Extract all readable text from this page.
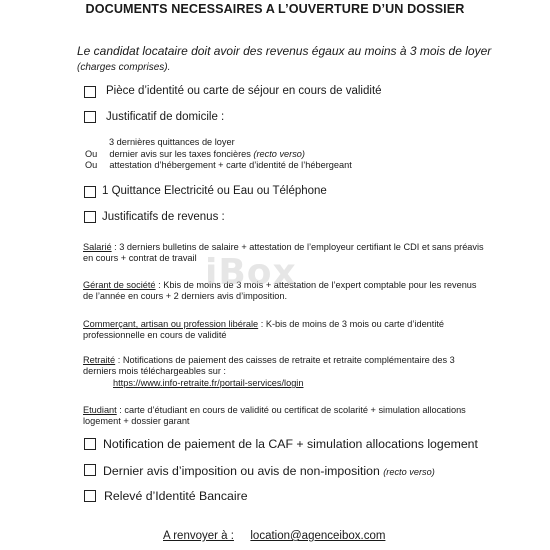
DOCUMENTS NECESSAIRES A L’OUVERTURE D’UN DOSSIER
Le candidat locataire doit avoir des revenus égaux au moins à 3 mois de loyer (charges comprises).
Pièce d’identité ou carte de séjour en cours de validité
Justificatif de domicile :
3 dernières quittances de loyer
Ou dernier avis sur les taxes foncières (recto verso)
Ou attestation d’hébergement + carte d’identité de l’hébergeant
1 Quittance Electricité ou Eau ou Téléphone
Justificatifs de revenus :
Salarié : 3 derniers bulletins de salaire + attestation de l’employeur certifiant le CDI et sans préavis en cours + contrat de travail
Gérant de société : Kbis de moins de 3 mois + attestation de l’expert comptable pour les revenus de l’année en cours + 2 derniers avis d’imposition.
Commerçant, artisan ou profession libérale : K-bis de moins de 3 mois ou carte d’identité professionnelle en cours de validité
Retraité : Notifications de paiement des caisses de retraite et retraite complémentaire des 3 derniers mois téléchargeables sur :
https://www.info-retraite.fr/portail-services/login
Etudiant : carte d’étudiant en cours de validité ou certificat de scolarité + simulation allocations logement + dossier garant
Notification de paiement de la CAF + simulation allocations logement
Dernier avis d’imposition ou avis de non-imposition (recto verso)
Relevé d’Identité Bancaire
iBox
A renvoyer à : location@agenceibox.com
